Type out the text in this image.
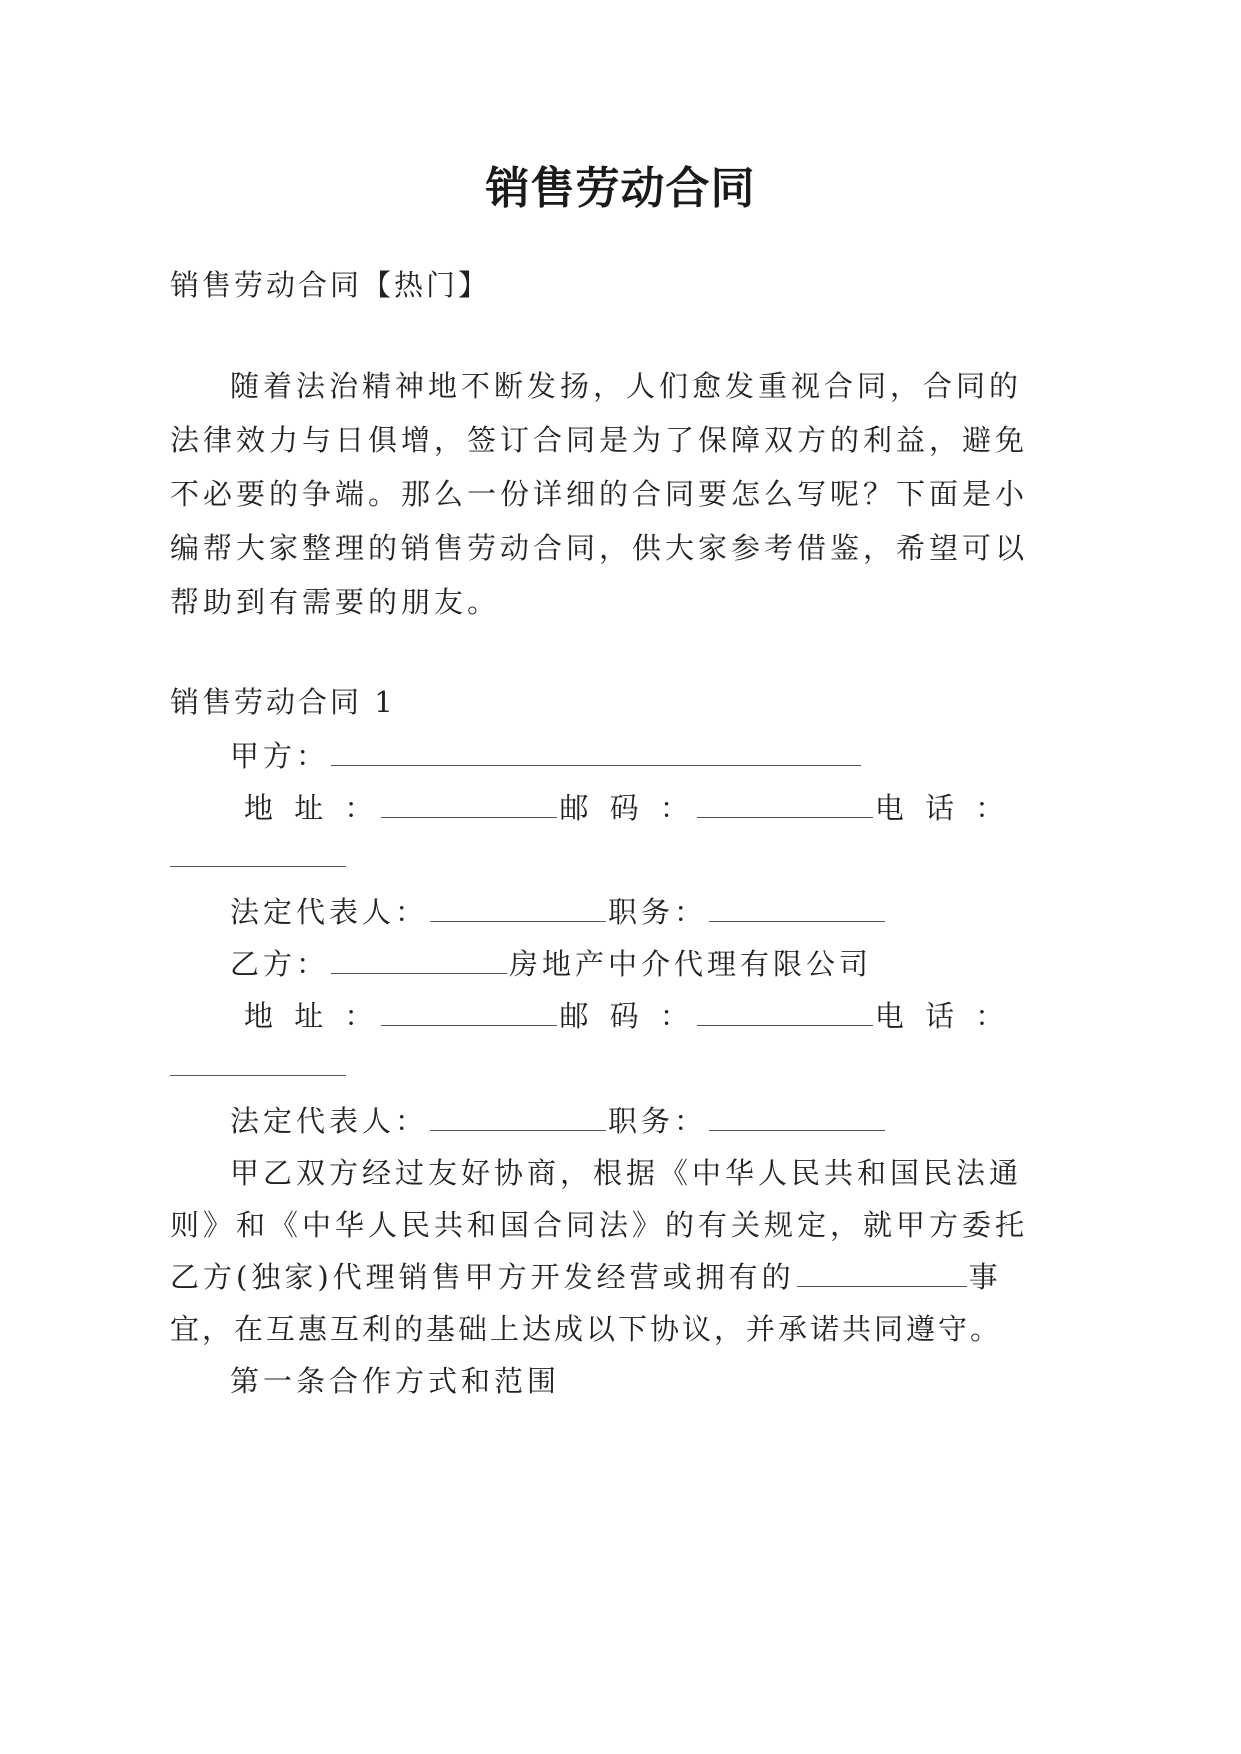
销售劳动合同
销售劳动合同【热门】
随着法治精神地不断发扬，人们愈发重视合同，合同的
法律效力与日俱增，签订合同是为了保障双方的利益，避免
不必要的争端。那么一份详细的合同要怎么写呢？下面是小
编帮大家整理的销售劳动合同，供大家参考借鉴，希望可以
帮助到有需要的朋友。
销售劳动合同 1
甲方：
地 址 ：	邮 码 ：	电 话 ：
法定代表人：	职务：
乙方：	房地产中介代理有限公司
地 址 ：	邮 码 ：	电 话 ：
法定代表人：	职务：
甲乙双方经过友好协商，根据《中华人民共和国民法通
则》和《中华人民共和国合同法》的有关规定，就甲方委托
乙方(独家)代理销售甲方开发经营或拥有的	事
宜，在互惠互利的基础上达成以下协议，并承诺共同遵守。
第一条合作方式和范围
